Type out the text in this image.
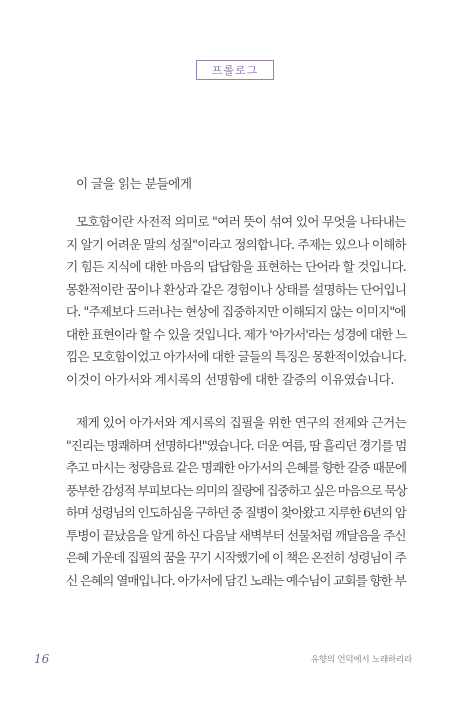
프롤로그

이 글을 읽는 분들에게

모호함이란 사전적 의미로 "여러 뜻이 섞여 있어 무엇을 나타내는
지 알기 어려운 말의 성질"이라고 정의합니다. 주제는 있으나 이해하
기 힘든 지식에 대한 마음의 답답함을 표현하는 단어라 할 것입니다.
몽환적이란 꿈이나 환상과 같은 경험이나 상태를 설명하는 단어입니
다. "주제보다 드러나는 현상에 집중하지만 이해되지 않는 이미지"에
대한 표현이라 할 수 있을 것입니다. 제가 '아가서'라는 성경에 대한 느
낌은 모호함이었고 아가서에 대한 글들의 특징은 몽환적이었습니다.
이것이 아가서와 계시록의 선명함에 대한 갈증의 이유였습니다.
제게 있어 아가서와 계시록의 집필을 위한 연구의 전제와 근거는
"진리는 명쾌하며 선명하다!"였습니다. 더운 여름, 땀 흘리던 경기를 멈
추고 마시는 청량음료 같은 명쾌한 아가서의 은혜를 향한 갈증 때문에
풍부한 감성적 부피보다는 의미의 질량에 집중하고 싶은 마음으로 묵상
하며 성령님의 인도하심을 구하던 중 질병이 찾아왔고 지루한 6년의 암
투병이 끝났음을 알게 하신 다음날 새벽부터 선물처럼 깨달음을 주신
은혜 가운데 집필의 꿈을 꾸기 시작했기에 이 책은 온전히 성령님이 주
신 은혜의 열매입니다. 아가서에 담긴 노래는 예수님이 교회를 향한 부
16	유향의 언덕에서 노래하리라
